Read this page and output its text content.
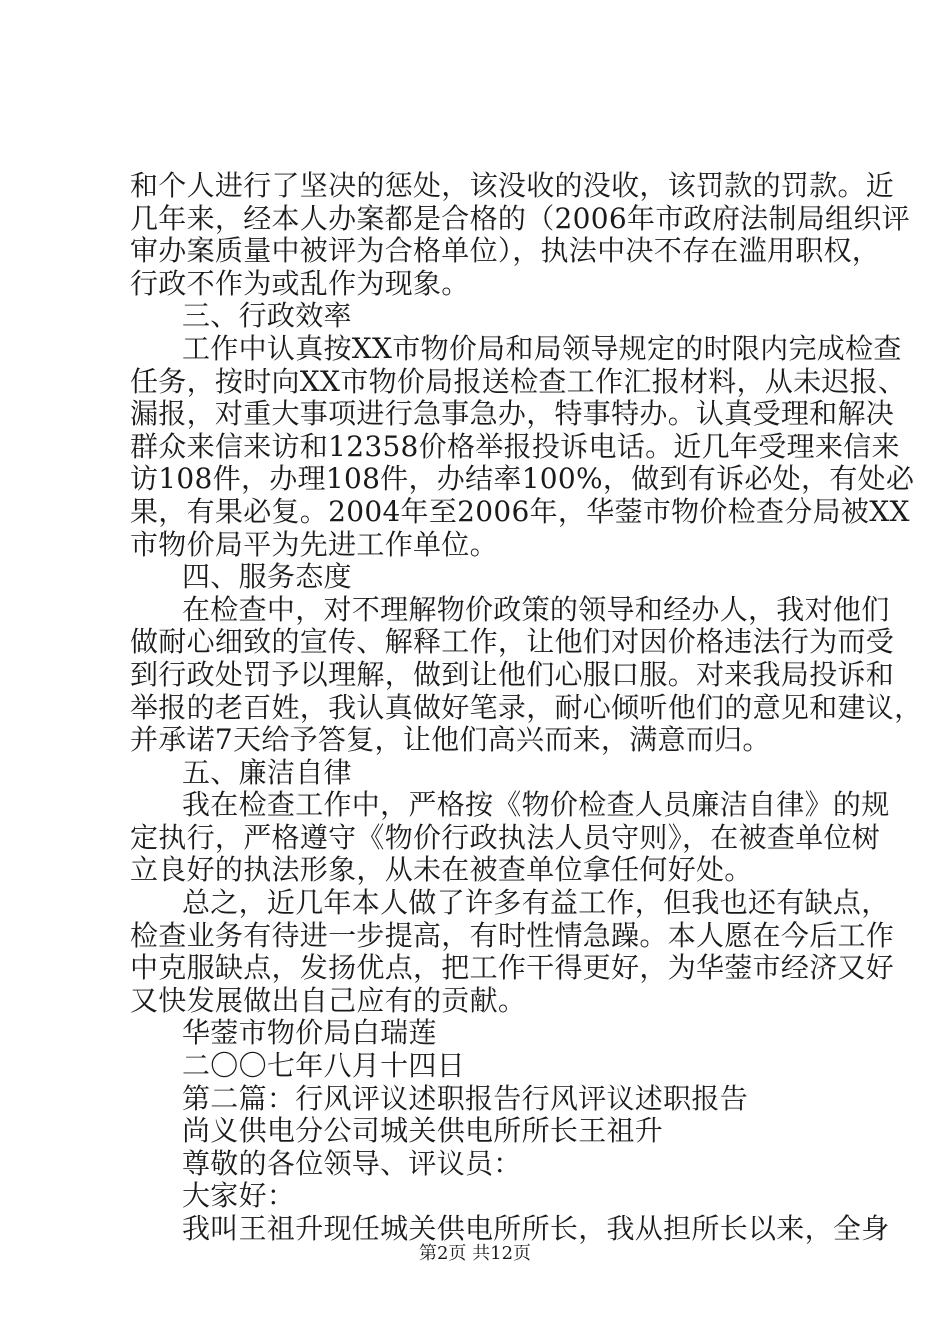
和个人进行了坚决的惩处，该没收的没收，该罚款的罚款。近
几年来，经本人办案都是合格的（2006年市政府法制局组织评
审办案质量中被评为合格单位），执法中决不存在滥用职权，
行政不作为或乱作为现象。
三、行政效率
工作中认真按XX市物价局和局领导规定的时限内完成检查
任务，按时向XX市物价局报送检查工作汇报材料，从未迟报、
漏报，对重大事项进行急事急办，特事特办。认真受理和解决
群众来信来访和12358价格举报投诉电话。近几年受理来信来
访108件，办理108件，办结率100%，做到有诉必处，有处必
果，有果必复。2004年至2006年，华蓥市物价检查分局被XX
市物价局平为先进工作单位。
四、服务态度
在检查中，对不理解物价政策的领导和经办人，我对他们
做耐心细致的宣传、解释工作，让他们对因价格违法行为而受
到行政处罚予以理解，做到让他们心服口服。对来我局投诉和
举报的老百姓，我认真做好笔录，耐心倾听他们的意见和建议，
并承诺7天给予答复，让他们高兴而来，满意而归。
五、廉洁自律
我在检查工作中，严格按《物价检查人员廉洁自律》的规
定执行，严格遵守《物价行政执法人员守则》，在被查单位树
立良好的执法形象，从未在被查单位拿任何好处。
总之，近几年本人做了许多有益工作，但我也还有缺点，
检查业务有待进一步提高，有时性情急躁。本人愿在今后工作
中克服缺点，发扬优点，把工作干得更好，为华蓥市经济又好
又快发展做出自己应有的贡献。
华蓥市物价局白瑞莲
二〇〇七年八月十四日
第二篇：行风评议述职报告行风评议述职报告
尚义供电分公司城关供电所所长王祖升
尊敬的各位领导、评议员：
大家好：
我叫王祖升现任城关供电所所长，我从担所长以来，全身
第2页 共12页
